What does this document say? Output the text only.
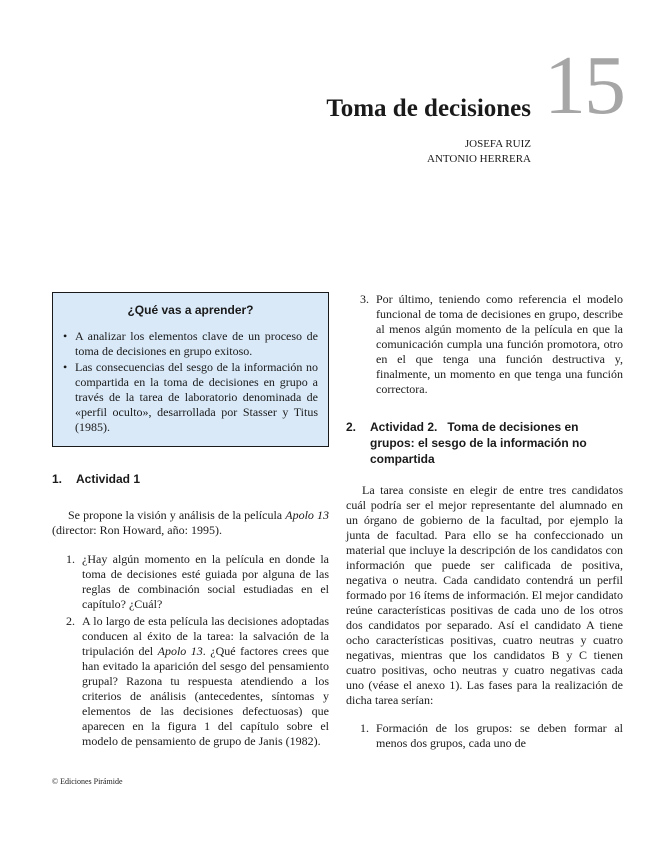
15
Toma de decisiones
JOSEFA RUIZ
ANTONIO HERRERA
¿Qué vas a aprender?
• A analizar los elementos clave de un proceso de toma de decisiones en grupo exitoso.
• Las consecuencias del sesgo de la información no compartida en la toma de decisiones en grupo a través de la tarea de laboratorio denominada de «perfil oculto», desarrollada por Stasser y Titus (1985).
1.	Actividad 1

Se propone la visión y análisis de la película Apolo 13 (director: Ron Howard, año: 1995).

1. ¿Hay algún momento en la película en donde la toma de decisiones esté guiada por alguna de las reglas de combinación social estudiadas en el capítulo? ¿Cuál?
2. A lo largo de esta película las decisiones adoptadas conducen al éxito de la tarea: la salvación de la tripulación del Apolo 13. ¿Qué factores crees que han evitado la aparición del sesgo del pensamiento grupal? Razona tu respuesta atendiendo a los criterios de análisis (antecedentes, síntomas y elementos de las decisiones defectuosas) que aparecen en la figura 1 del capítulo sobre el modelo de pensamiento de grupo de Janis (1982).
3. Por último, teniendo como referencia el modelo funcional de toma de decisiones en grupo, describe al menos algún momento de la película en que la comunicación cumpla una función promotora, otro en el que tenga una función destructiva y, finalmente, un momento en que tenga una función correctora.
2.	Actividad 2.   Toma de decisiones en grupos: el sesgo de la información no compartida

La tarea consiste en elegir de entre tres candidatos cuál podría ser el mejor representante del alumnado en un órgano de gobierno de la facultad, por ejemplo la junta de facultad. Para ello se ha confeccionado un material que incluye la descripción de los candidatos con información que puede ser calificada de positiva, negativa o neutra. Cada candidato contendrá un perfil formado por 16 ítems de información. El mejor candidato reúne características positivas de cada uno de los otros dos candidatos por separado. Así el candidato A tiene ocho características positivas, cuatro neutras y cuatro negativas, mientras que los candidatos B y C tienen cuatro positivas, ocho neutras y cuatro negativas cada uno (véase el anexo 1). Las fases para la realización de dicha tarea serían:

1. Formación de los grupos: se deben formar al menos dos grupos, cada uno de
© Ediciones Pirámide
